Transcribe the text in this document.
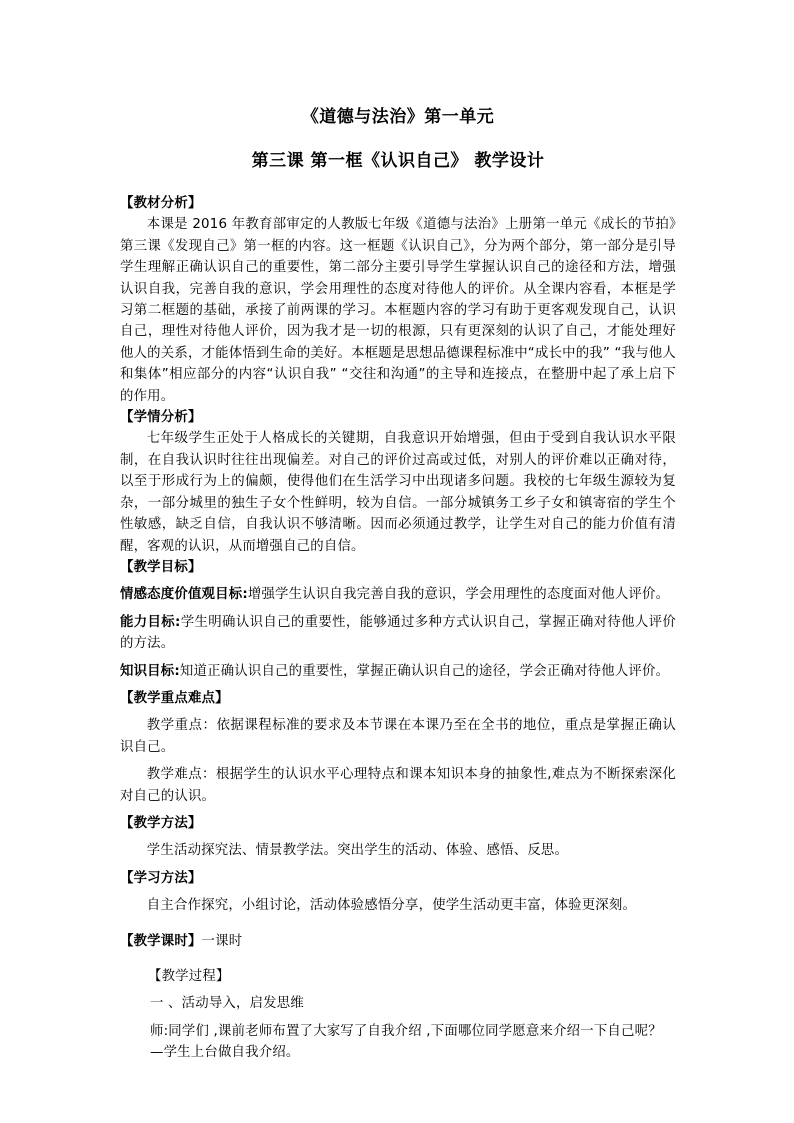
《道德与法治》第一单元
第三课 第一框《认识自己》 教学设计

【教材分析】

本课是 2016 年教育部审定的人教版七年级《道德与法治》上册第一单元《成长的节拍》第三课《发现自己》第一框的内容。这一框题《认识自己》，分为两个部分，第一部分是引导学生理解正确认识自己的重要性，第二部分主要引导学生掌握认识自己的途径和方法，增强认识自我，完善自我的意识，学会用理性的态度对待他人的评价。从全课内容看，本框是学习第二框题的基础，承接了前两课的学习。本框题内容的学习有助于更客观发现自己，认识自己，理性对待他人评价，因为我才是一切的根源，只有更深刻的认识了自己，才能处理好他人的关系，才能体悟到生命的美好。本框题是思想品德课程标准中“成长中的我” “我与他人和集体”相应部分的内容“认识自我” “交往和沟通”的主导和连接点，在整册中起了承上启下的作用。

【学情分析】

七年级学生正处于人格成长的关键期，自我意识开始增强，但由于受到自我认识水平限制，在自我认识时往往出现偏差。对自己的评价过高或过低，对别人的评价难以正确对待，以至于形成行为上的偏颇，使得他们在生活学习中出现诸多问题。我校的七年级生源较为复杂，一部分城里的独生子女个性鲜明，较为自信。一部分城镇务工乡子女和镇寄宿的学生个性敏感，缺乏自信，自我认识不够清晰。因而必须通过教学，让学生对自己的能力价值有清醒，客观的认识，从而增强自己的自信。

【教学目标】

情感态度价值观目标:增强学生认识自我完善自我的意识，学会用理性的态度面对他人评价。

能力目标:学生明确认识自己的重要性，能够通过多种方式认识自己，掌握正确对待他人评价的方法。

知识目标:知道正确认识自己的重要性，掌握正确认识自己的途径，学会正确对待他人评价。

【教学重点难点】

教学重点：依据课程标准的要求及本节课在本课乃至在全书的地位，重点是掌握正确认识自己。

教学难点：根据学生的认识水平心理特点和课本知识本身的抽象性,难点为不断探索深化对自己的认识。

【教学方法】

学生活动探究法、情景教学法。突出学生的活动、体验、感悟、反思。

【学习方法】

自主合作探究，小组讨论，活动体验感悟分享，使学生活动更丰富，体验更深刻。

【教学课时】一课时

【教学过程】

一 、活动导入，启发思维

师:同学们 ,课前老师布置了大家写了自我介绍 ,下面哪位同学愿意来介绍一下自己呢？

—学生上台做自我介绍。
